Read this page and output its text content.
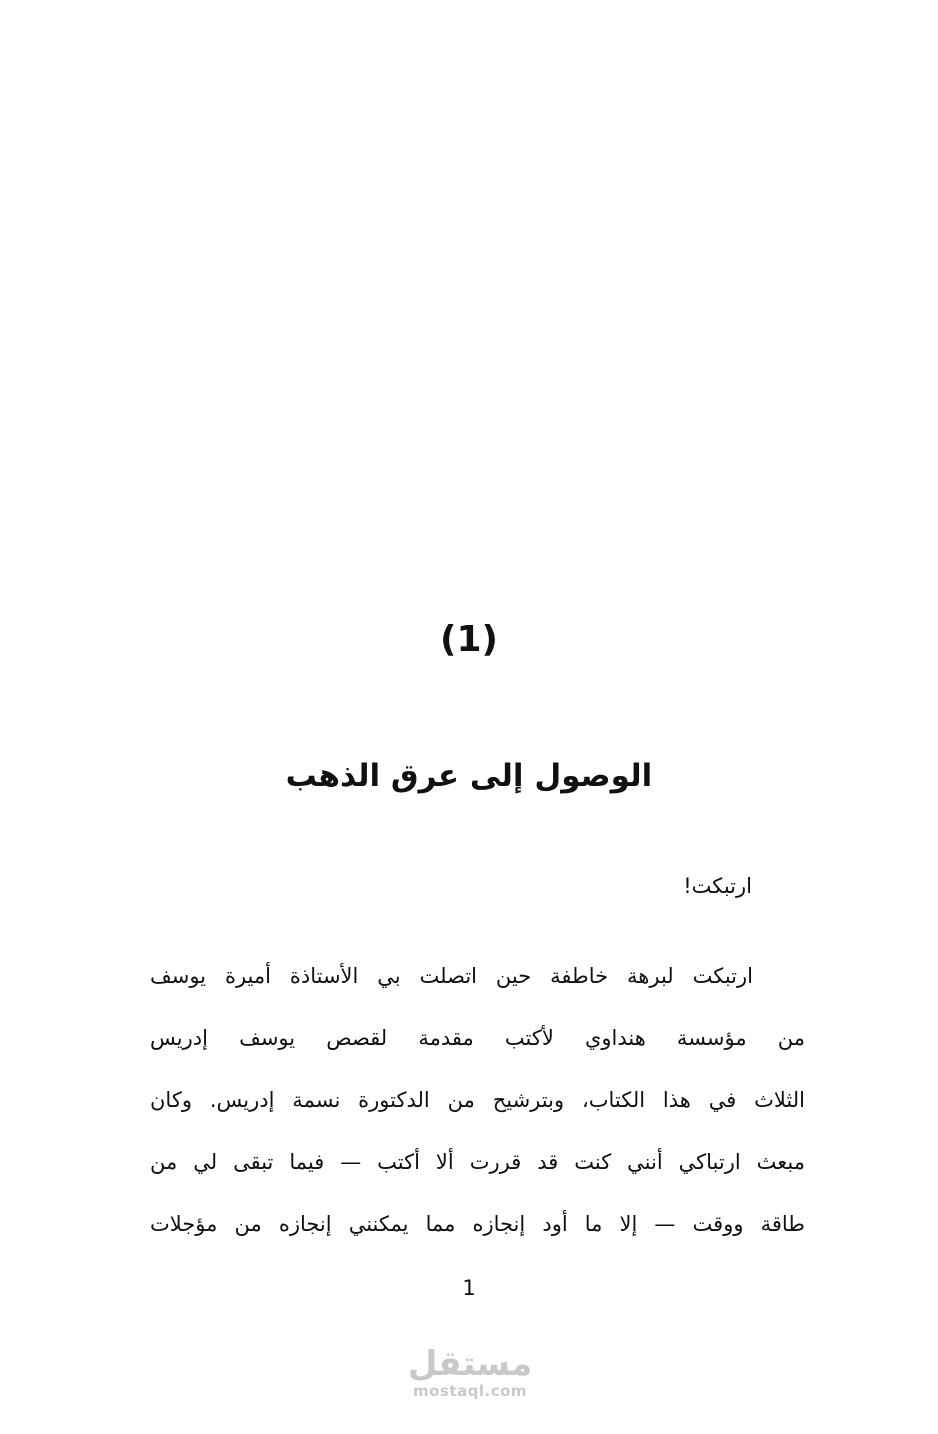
(1)
الوصول إلى عرق الذهب

ارتبكت!

ارتبكت لبرهة خاطفة حين اتصلت بي الأستاذة أميرة يوسف
من مؤسسة هنداوي لأكتب مقدمة لقصص يوسف إدريس
الثلاث في هذا الكتاب، وبترشيح من الدكتورة نسمة إدريس. وكان
مبعث ارتباكي أنني كنت قد قررت ألا أكتب — فيما تبقى لي من
طاقة ووقت — إلا ما أود إنجازه مما يمكنني إنجازه من مؤجلات
1
مستقل
mostaql.com
